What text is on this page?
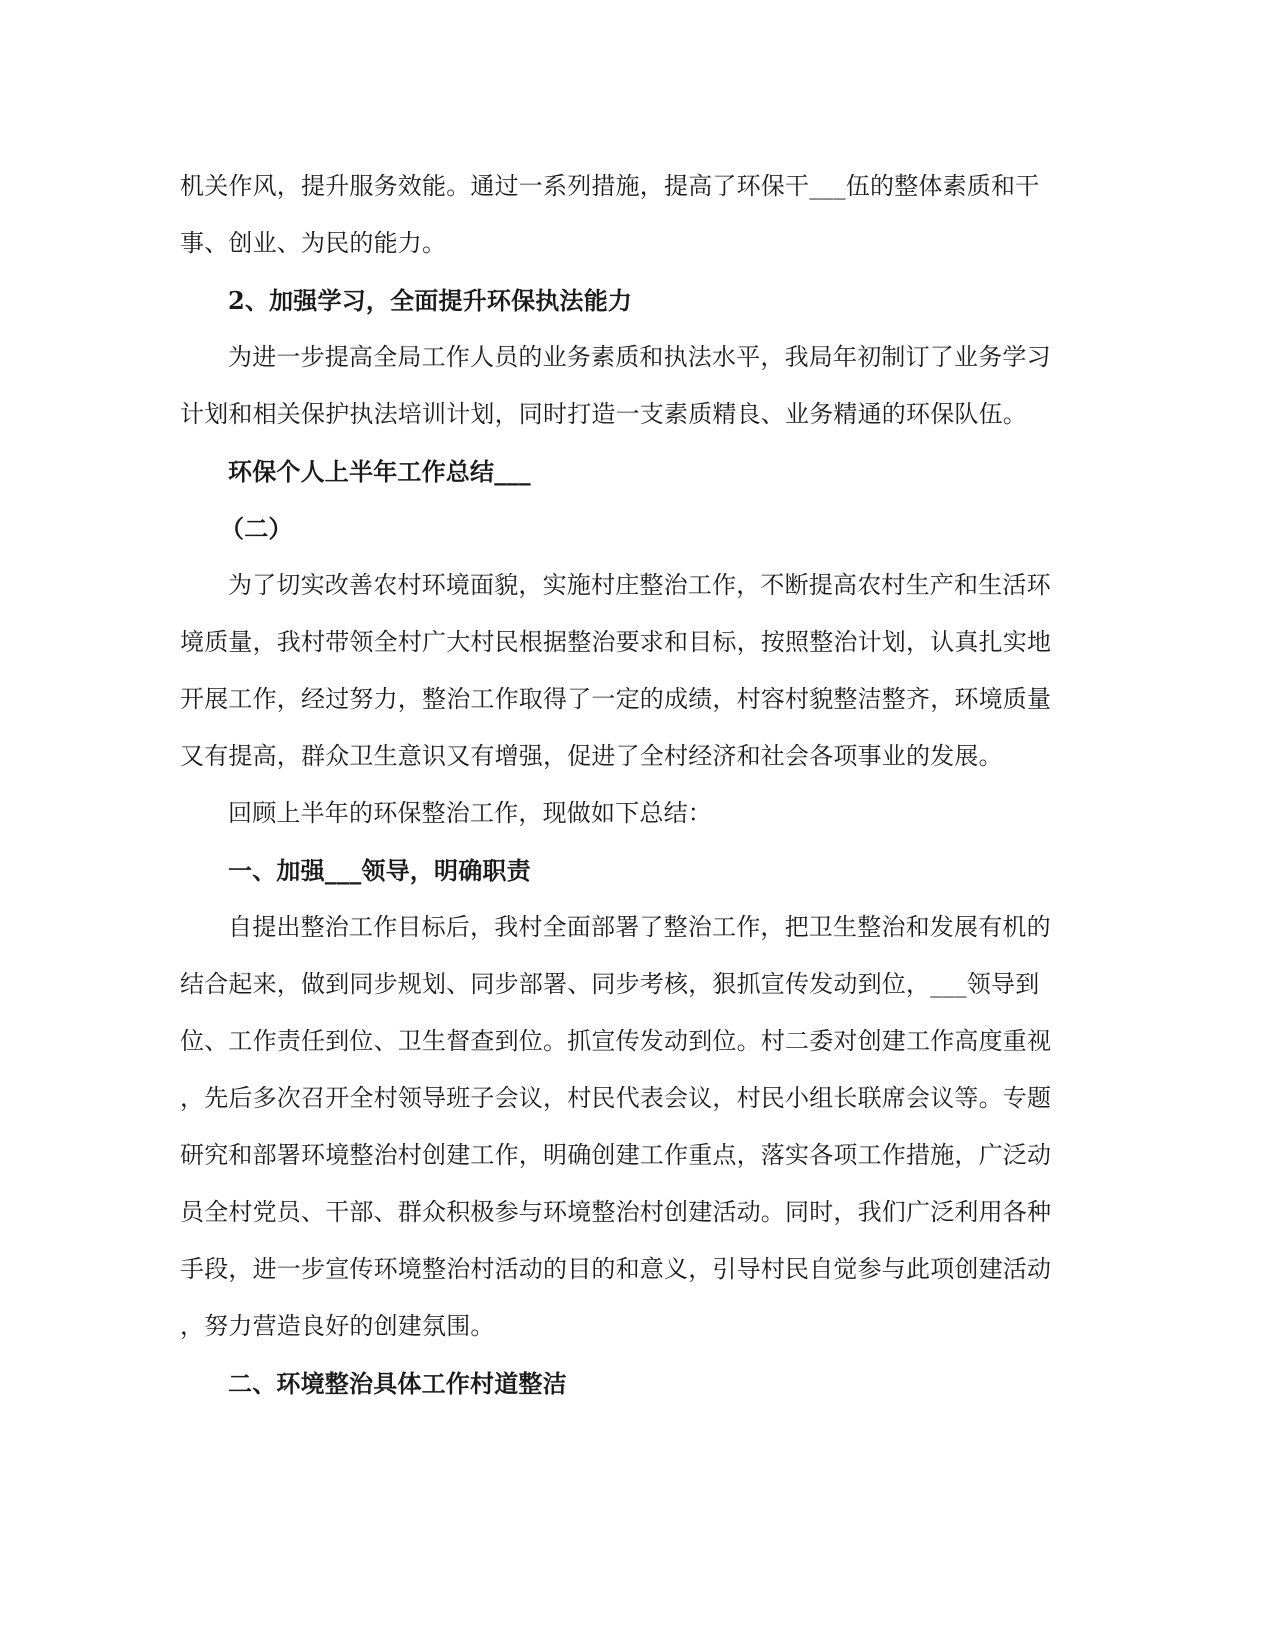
机关作风，提升服务效能。通过一系列措施，提高了环保干___伍的整体素质和干
事、创业、为民的能力。
2、加强学习，全面提升环保执法能力
为进一步提高全局工作人员的业务素质和执法水平，我局年初制订了业务学习
计划和相关保护执法培训计划，同时打造一支素质精良、业务精通的环保队伍。
环保个人上半年工作总结___
（二）
为了切实改善农村环境面貌，实施村庄整治工作，不断提高农村生产和生活环
境质量，我村带领全村广大村民根据整治要求和目标，按照整治计划，认真扎实地
开展工作，经过努力，整治工作取得了一定的成绩，村容村貌整洁整齐，环境质量
又有提高，群众卫生意识又有增强，促进了全村经济和社会各项事业的发展。
回顾上半年的环保整治工作，现做如下总结：
一、加强___领导，明确职责
自提出整治工作目标后，我村全面部署了整治工作，把卫生整治和发展有机的
结合起来，做到同步规划、同步部署、同步考核，狠抓宣传发动到位，___领导到
位、工作责任到位、卫生督查到位。抓宣传发动到位。村二委对创建工作高度重视
，先后多次召开全村领导班子会议，村民代表会议，村民小组长联席会议等。专题
研究和部署环境整治村创建工作，明确创建工作重点，落实各项工作措施，广泛动
员全村党员、干部、群众积极参与环境整治村创建活动。同时，我们广泛利用各种
手段，进一步宣传环境整治村活动的目的和意义，引导村民自觉参与此项创建活动
，努力营造良好的创建氛围。
二、环境整治具体工作村道整洁
